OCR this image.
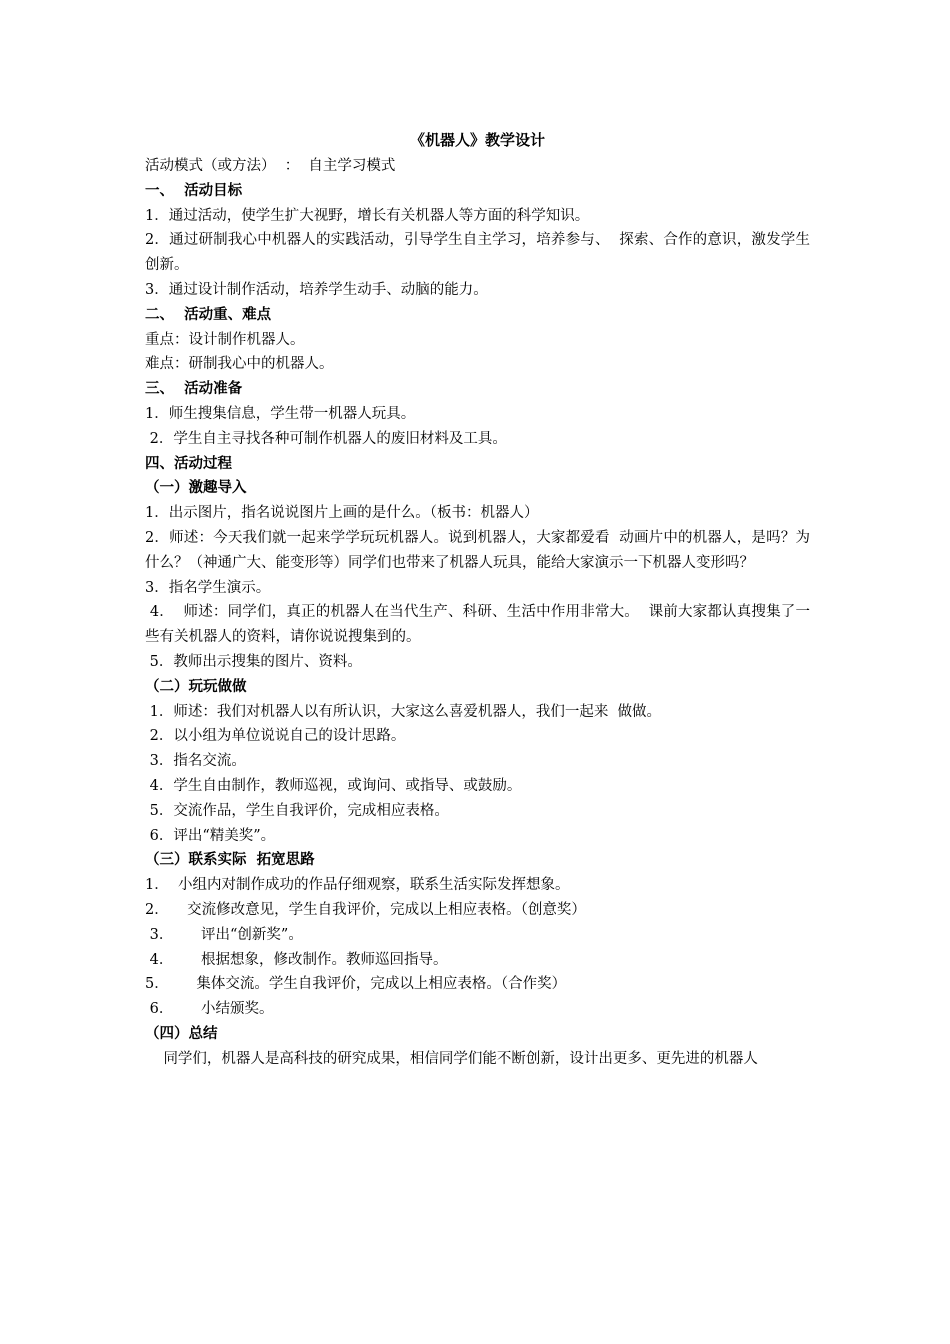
《机器人》教学设计

活动模式（或方法）  ：  自主学习模式

一、  活动目标

1．通过活动，使学生扩大视野，增长有关机器人等方面的科学知识。

2．通过研制我心中机器人的实践活动，引导学生自主学习，培养参与、  探索、合作的意识，激发学生创新。

3．通过设计制作活动，培养学生动手、动脑的能力。

二、  活动重、难点

重点：设计制作机器人。

难点：研制我心中的机器人。

三、  活动准备

1．师生搜集信息，学生带一机器人玩具。

2．学生自主寻找各种可制作机器人的废旧材料及工具。

四、活动过程

（一）激趣导入

1．出示图片，指名说说图片上画的是什么。（板书：机器人）

2．师述：今天我们就一起来学学玩玩机器人。说到机器人，大家都爱看  动画片中的机器人，是吗？为什么？（神通广大、能变形等）同学们也带来了机器人玩具，能给大家演示一下机器人变形吗？

3．指名学生演示。

4．  师述：同学们，真正的机器人在当代生产、科研、生活中作用非常大。  课前大家都认真搜集了一些有关机器人的资料，请你说说搜集到的。

5．教师出示搜集的图片、资料。

（二）玩玩做做

1．师述：我们对机器人以有所认识，大家这么喜爱机器人，我们一起来  做做。

2．以小组为单位说说自己的设计思路。

3．指名交流。

4．学生自由制作，教师巡视，或询问、或指导、或鼓励。

5．交流作品，学生自我评价，完成相应表格。

6．评出“精美奖”。

（三）联系实际  拓宽思路

1．  小组内对制作成功的作品仔细观察，联系生活实际发挥想象。

2．    交流修改意见，学生自我评价，完成以上相应表格。（创意奖）

3．      评出“创新奖”。

4．      根据想象，修改制作。教师巡回指导。

5．      集体交流。学生自我评价，完成以上相应表格。（合作奖）

6．      小结颁奖。

（四）总结

同学们，机器人是高科技的研究成果，相信同学们能不断创新，设计出更多、更先进的机器人
